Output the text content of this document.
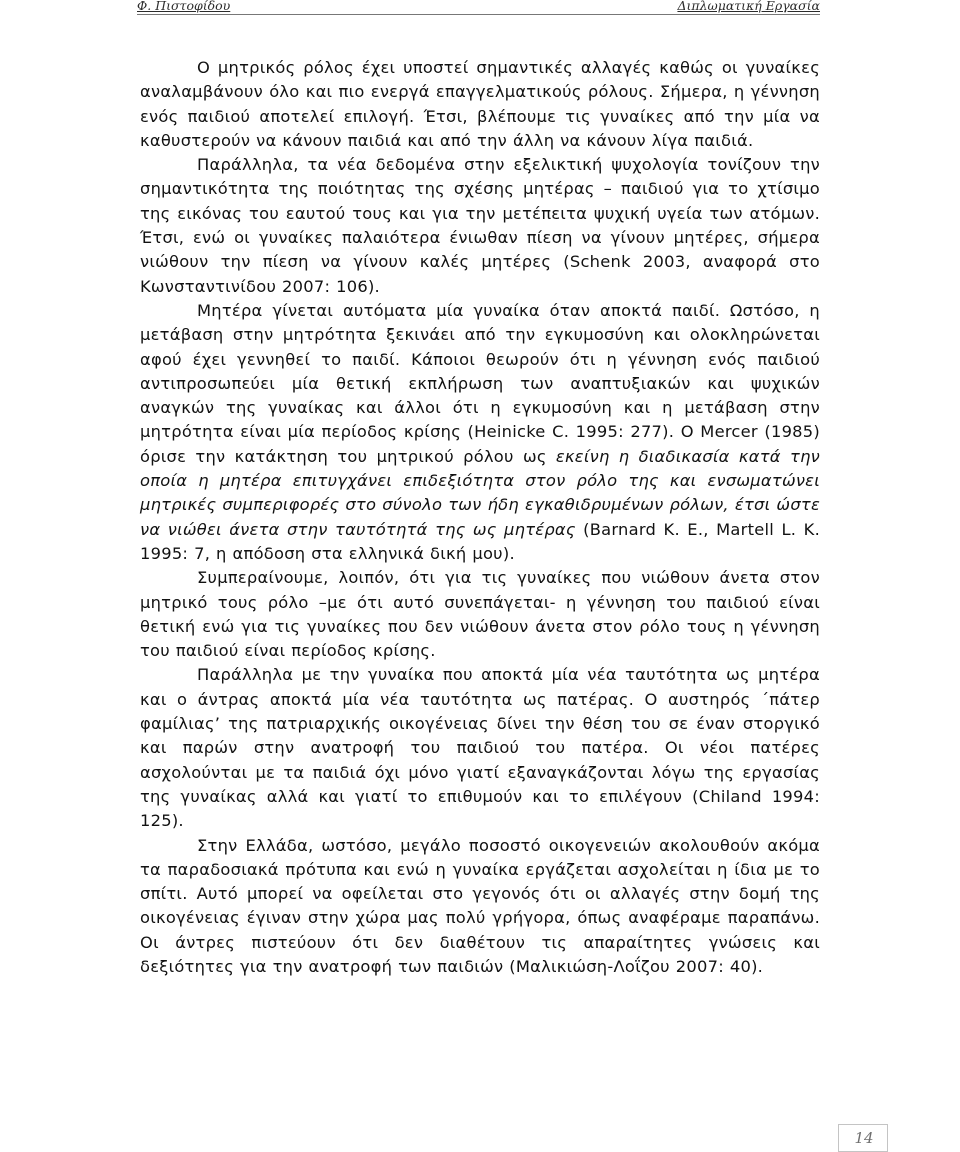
Φ. Πιστοφίδου	Διπλωματική Εργασία

Ο μητρικός ρόλος έχει υποστεί σημαντικές αλλαγές καθώς οι γυναίκες αναλαμβάνουν όλο και πιο ενεργά επαγγελματικούς ρόλους. Σήμερα, η γέννηση ενός παιδιού αποτελεί επιλογή. Έτσι, βλέπουμε τις γυναίκες από την μία να καθυστερούν να κάνουν παιδιά και από την άλλη να κάνουν λίγα παιδιά.

Παράλληλα, τα νέα δεδομένα στην εξελικτική ψυχολογία τονίζουν την σημαντικότητα της ποιότητας της σχέσης μητέρας – παιδιού για το χτίσιμο της εικόνας του εαυτού τους και για την μετέπειτα ψυχική υγεία των ατόμων. Έτσι, ενώ οι γυναίκες παλαιότερα ένιωθαν πίεση να γίνουν μητέρες, σήμερα νιώθουν την πίεση να γίνουν καλές μητέρες (Schenk 2003, αναφορά στο Κωνσταντινίδου 2007: 106).

Μητέρα γίνεται αυτόματα μία γυναίκα όταν αποκτά παιδί. Ωστόσο, η μετάβαση στην μητρότητα ξεκινάει από την εγκυμοσύνη και ολοκληρώνεται αφού έχει γεννηθεί το παιδί. Κάποιοι θεωρούν ότι η γέννηση ενός παιδιού αντιπροσωπεύει μία θετική εκπλήρωση των αναπτυξιακών και ψυχικών αναγκών της γυναίκας και άλλοι ότι η εγκυμοσύνη και η μετάβαση στην μητρότητα είναι μία περίοδος κρίσης (Heinicke C. 1995: 277). Ο Mercer (1985) όρισε την κατάκτηση του μητρικού ρόλου ως εκείνη η διαδικασία κατά την οποία η μητέρα επιτυγχάνει επιδεξιότητα στον ρόλο της και ενσωματώνει μητρικές συμπεριφορές στο σύνολο των ήδη εγκαθιδρυμένων ρόλων, έτσι ώστε να νιώθει άνετα στην ταυτότητά της ως μητέρας (Barnard K. E., Martell L. K. 1995: 7, η απόδοση στα ελληνικά δική μου).

Συμπεραίνουμε, λοιπόν, ότι για τις γυναίκες που νιώθουν άνετα στον μητρικό τους ρόλο –με ότι αυτό συνεπάγεται- η γέννηση του παιδιού είναι θετική ενώ για τις γυναίκες που δεν νιώθουν άνετα στον ρόλο τους η γέννηση του παιδιού είναι περίοδος κρίσης.

Παράλληλα με την γυναίκα που αποκτά μία νέα ταυτότητα ως μητέρα και ο άντρας αποκτά μία νέα ταυτότητα ως πατέρας. Ο αυστηρός ΄πάτερ φαμίλιας’ της πατριαρχικής οικογένειας δίνει την θέση του σε έναν στοργικό και παρών στην ανατροφή του παιδιού του πατέρα. Οι νέοι πατέρες ασχολούνται με τα παιδιά όχι μόνο γιατί εξαναγκάζονται λόγω της εργασίας της γυναίκας αλλά και γιατί το επιθυμούν και το επιλέγουν (Chiland 1994: 125).

Στην Ελλάδα, ωστόσο, μεγάλο ποσοστό οικογενειών ακολουθούν ακόμα τα παραδοσιακά πρότυπα και ενώ η γυναίκα εργάζεται ασχολείται η ίδια με το σπίτι. Αυτό μπορεί να οφείλεται στο γεγονός ότι οι αλλαγές στην δομή της οικογένειας έγιναν στην χώρα μας πολύ γρήγορα, όπως αναφέραμε παραπάνω. Οι άντρες πιστεύουν ότι δεν διαθέτουν τις απαραίτητες γνώσεις και δεξιότητες για την ανατροφή των παιδιών (Μαλικιώση-Λοΐζου 2007: 40).

14
